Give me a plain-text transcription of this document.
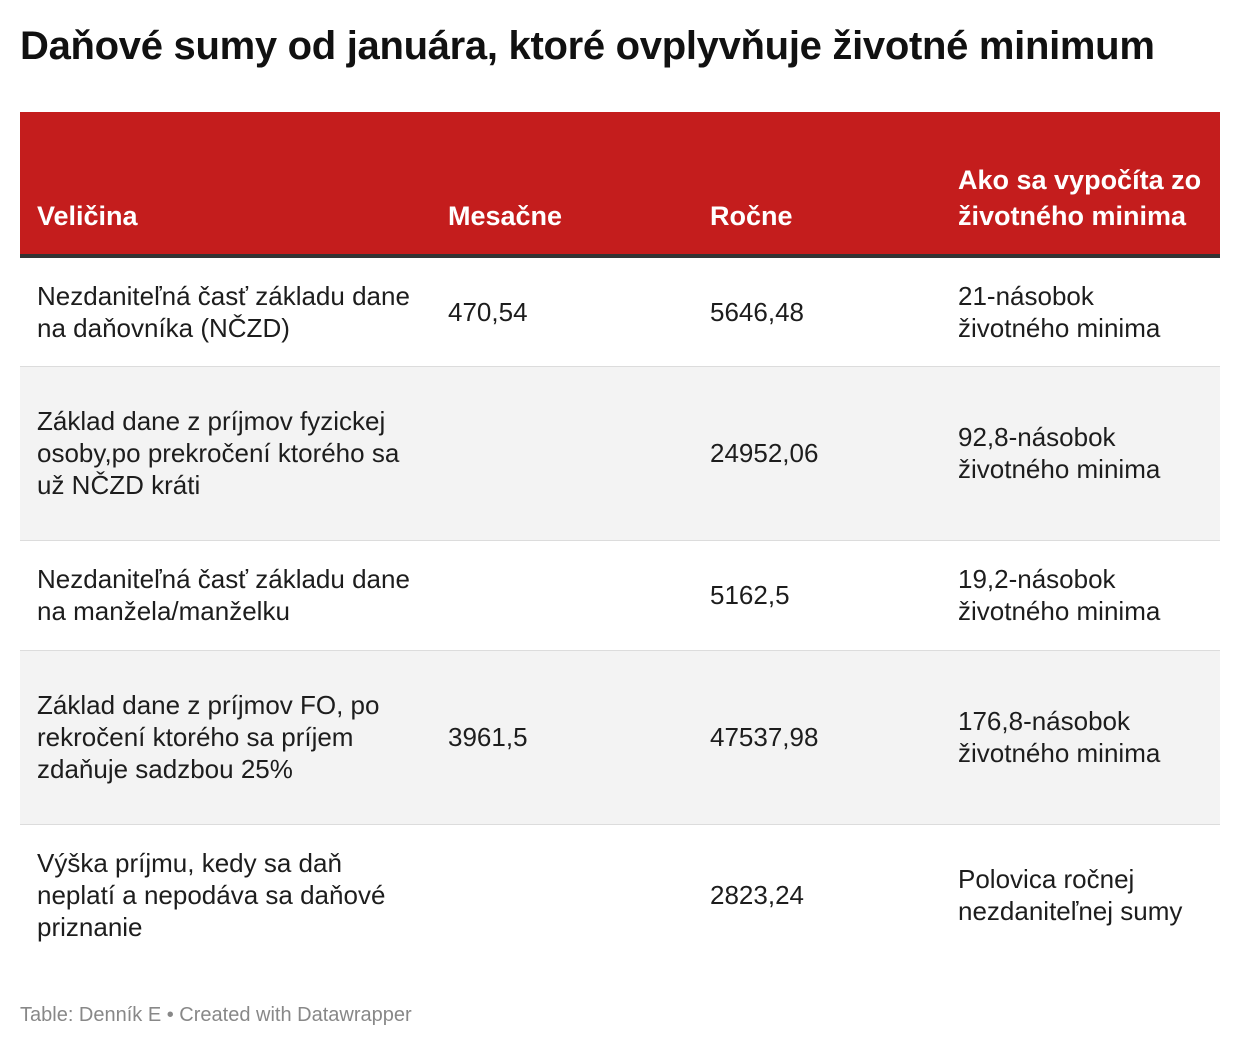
Daňové sumy od januára, ktoré ovplyvňuje životné minimum
Veličina	Mesačne	Ročne	Ako sa vypočíta zo životného minima
Nezdaniteľná časť základu dane na daňovníka (NČZD)	470,54	5646,48	21-násobok životného minima
Základ dane z príjmov fyzickej osoby,po prekročení ktorého sa už NČZD kráti		24952,06	92,8-násobok životného minima
Nezdaniteľná časť základu dane na manžela/manželku		5162,5	19,2-násobok životného minima
Základ dane z príjmov FO, po rekročení ktorého sa príjem zdaňuje sadzbou 25%	3961,5	47537,98	176,8-násobok životného minima
Výška príjmu, kedy sa daň neplatí a nepodáva sa daňové priznanie		2823,24	Polovica ročnej nezdaniteľnej sumy
Table: Denník E • Created with Datawrapper
